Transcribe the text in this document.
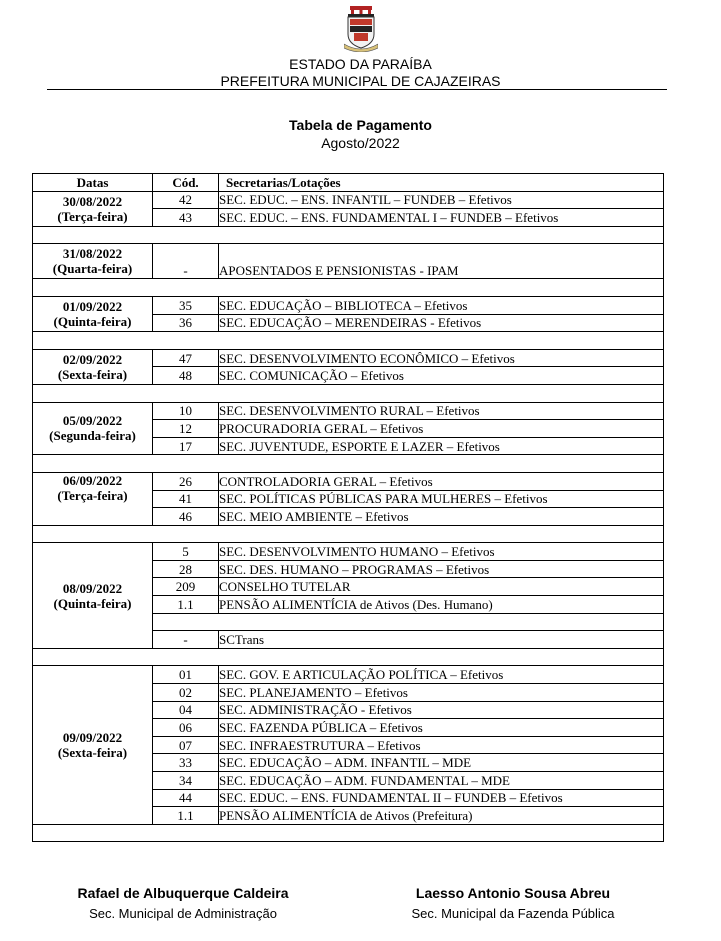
ESTADO DA PARAÍBA
PREFEITURA MUNICIPAL DE CAJAZEIRAS
Tabela de Pagamento
Agosto/2022
Datas	Cód.	Secretarias/Lotações

30/08/2022
(Terça-feira)	42	SEC. EDUC. – ENS. INFANTIL – FUNDEB – Efetivos
	43	SEC. EDUC. – ENS. FUNDAMENTAL I – FUNDEB – Efetivos

31/08/2022
(Quarta-feira)	-	APOSENTADOS E PENSIONISTAS - IPAM

01/09/2022
(Quinta-feira)	35	SEC. EDUCAÇÃO – BIBLIOTECA – Efetivos
	36	SEC. EDUCAÇÃO – MERENDEIRAS - Efetivos

02/09/2022
(Sexta-feira)	47	SEC. DESENVOLVIMENTO ECONÔMICO – Efetivos
	48	SEC. COMUNICAÇÃO – Efetivos

05/09/2022
(Segunda-feira)	10	SEC. DESENVOLVIMENTO RURAL – Efetivos
	12	PROCURADORIA GERAL – Efetivos
	17	SEC. JUVENTUDE, ESPORTE E LAZER – Efetivos

06/09/2022
(Terça-feira)	26	CONTROLADORIA GERAL – Efetivos
	41	SEC. POLÍTICAS PÚBLICAS PARA MULHERES – Efetivos
	46	SEC. MEIO AMBIENTE – Efetivos

08/09/2022
(Quinta-feira)	5	SEC. DESENVOLVIMENTO HUMANO – Efetivos
	28	SEC. DES. HUMANO – PROGRAMAS – Efetivos
	209	CONSELHO TUTELAR
	1.1	PENSÃO ALIMENTÍCIA de Ativos (Des. Humano)

	-	SCTrans

09/09/2022
(Sexta-feira)	01	SEC. GOV. E ARTICULAÇÃO POLÍTICA – Efetivos
	02	SEC. PLANEJAMENTO – Efetivos
	04	SEC. ADMINISTRAÇÃO - Efetivos
	06	SEC. FAZENDA PÚBLICA – Efetivos
	07	SEC. INFRAESTRUTURA – Efetivos
	33	SEC. EDUCAÇÃO – ADM. INFANTIL – MDE
	34	SEC. EDUCAÇÃO – ADM. FUNDAMENTAL – MDE
	44	SEC. EDUC. – ENS. FUNDAMENTAL II – FUNDEB – Efetivos
	1.1	PENSÃO ALIMENTÍCIA de Ativos (Prefeitura)

Rafael de Albuquerque Caldeira
Sec. Municipal de Administração
Laesso Antonio Sousa Abreu
Sec. Municipal da Fazenda Pública
